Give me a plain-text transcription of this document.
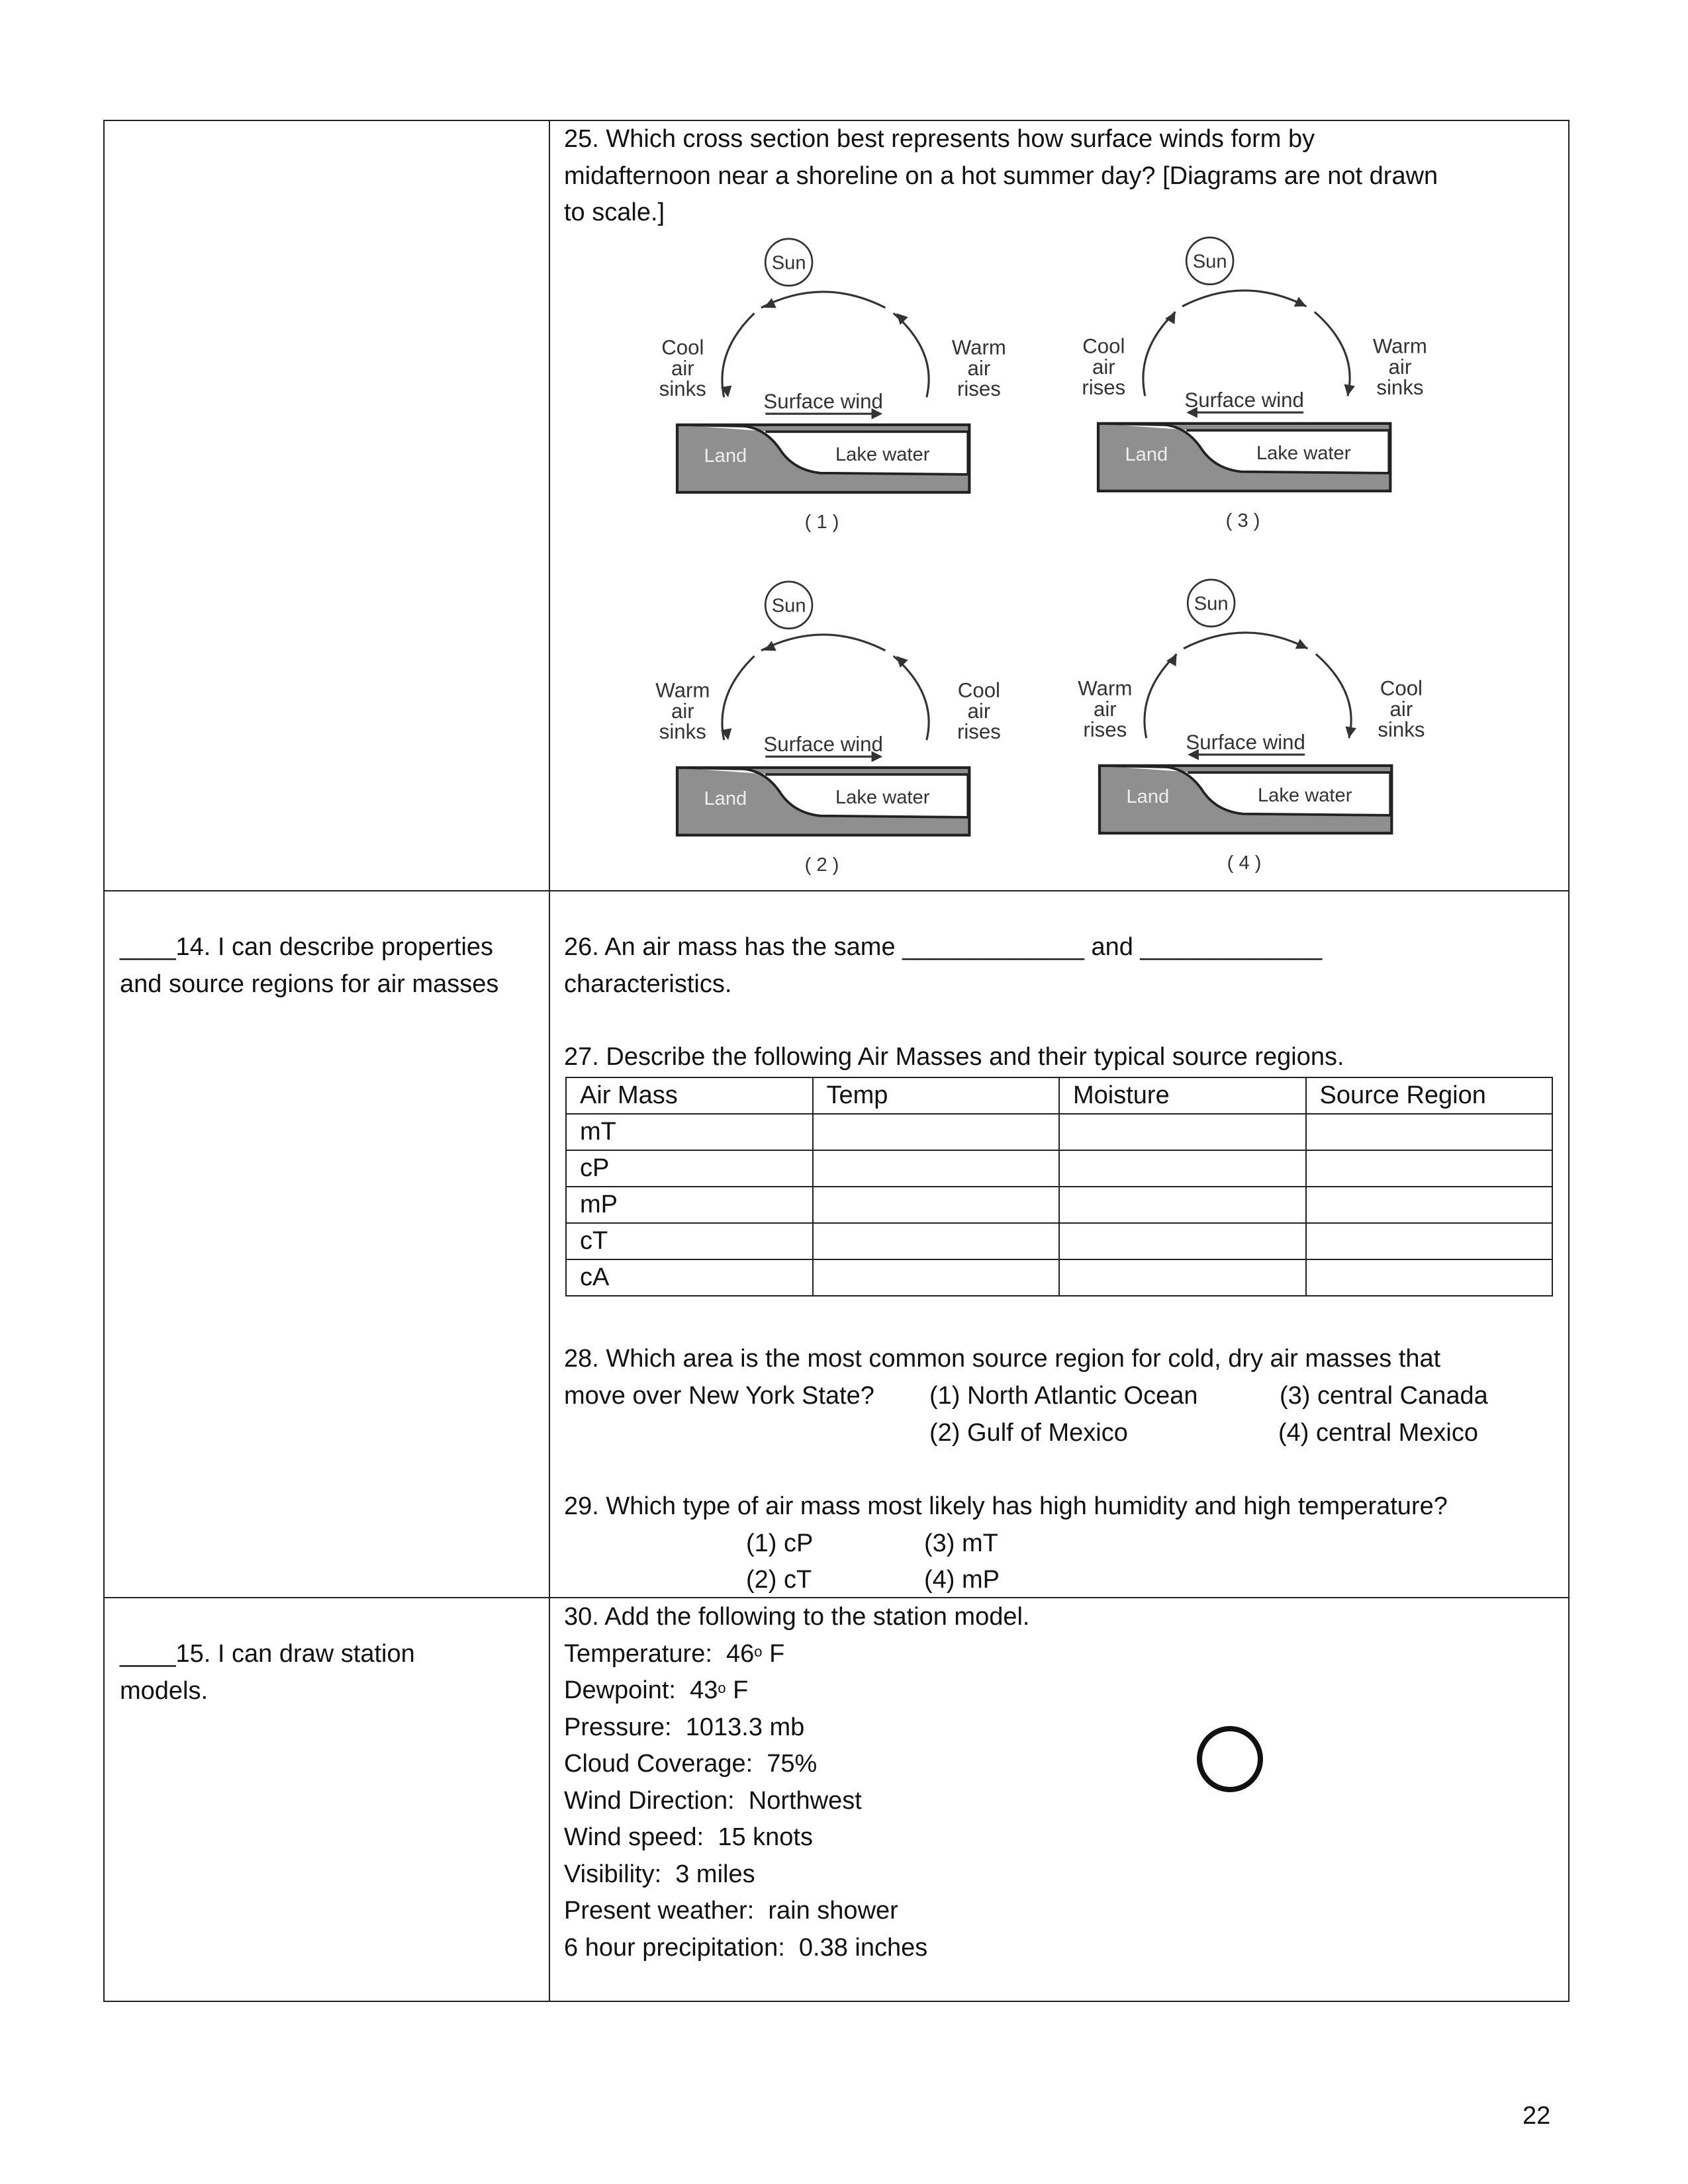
25. Which cross section best represents how surface winds form by
midafternoon near a shoreline on a hot summer day? [Diagrams are not drawn
to scale.]
Sun
Cool
air
sinks
Warm
air
rises
Surface wind
Land	Lake water
( 1 )
Sun
Cool
air
rises
Warm
air
sinks
Surface wind
Land	Lake water
( 3 )
Sun
Warm
air
sinks
Cool
air
rises
Surface wind
Land	Lake water
( 2 )
Sun
Warm
air
rises
Cool
air
sinks
Surface wind
Land	Lake water
( 4 )
____14. I can describe properties
and source regions for air masses
26. An air mass has the same _____________ and _____________
characteristics.
27. Describe the following Air Masses and their typical source regions.
Air Mass	Temp	Moisture	Source Region
mT			
cP			
mP			
cT			
cA			
28. Which area is the most common source region for cold, dry air masses that
move over New York State? (1) North Atlantic Ocean	(3) central Canada
(2) Gulf of Mexico	(4) central Mexico
29. Which type of air mass most likely has high humidity and high temperature?
(1) cP	(3) mT
(2) cT	(4) mP
____15. I can draw station
models.
30. Add the following to the station model.
Temperature:  46$^o$ F
Dewpoint:  43$^o$ F
Pressure:  1013.3 mb
Cloud Coverage:  75%
Wind Direction:  Northwest
Wind speed:  15 knots
Visibility:  3 miles
Present weather:  rain shower
6 hour precipitation:  0.38 inches
22
